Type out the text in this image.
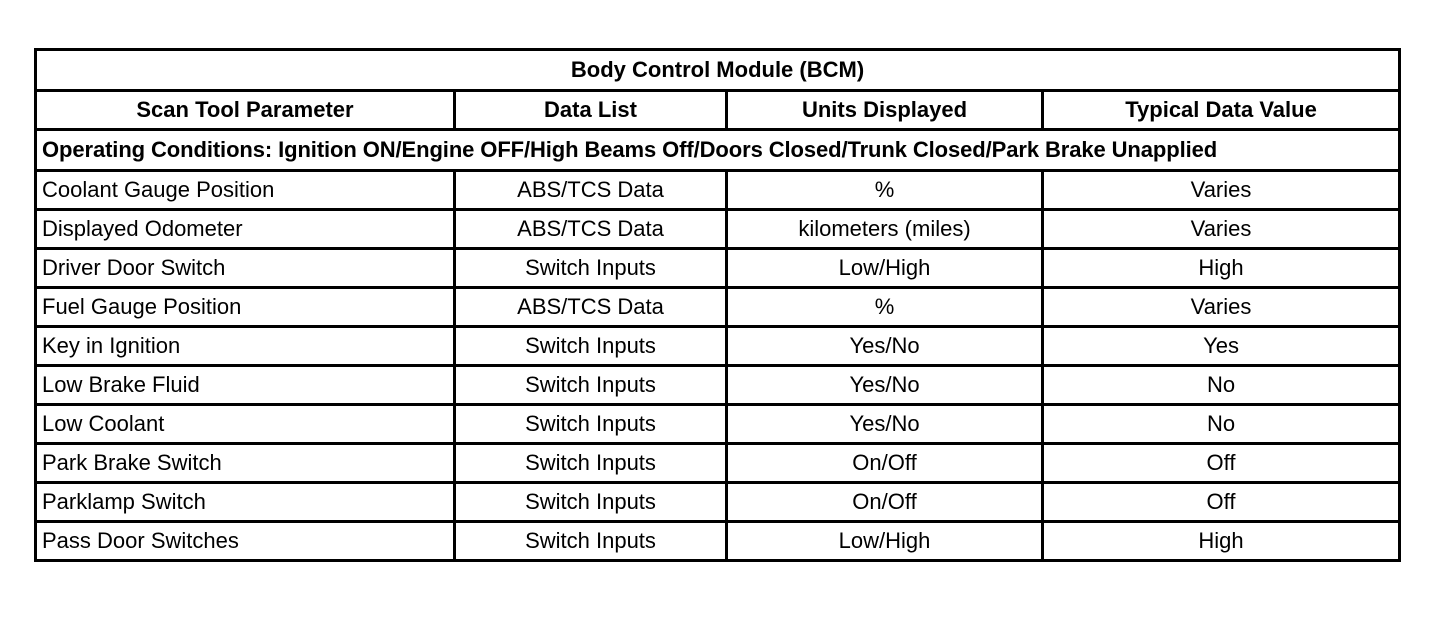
Body Control Module (BCM)			
Scan Tool Parameter	Data List	Units Displayed	Typical Data Value
Operating Conditions: Ignition ON/Engine OFF/High Beams Off/Doors Closed/Trunk Closed/Park Brake Unapplied			
Coolant Gauge Position	ABS/TCS Data	%	Varies
Displayed Odometer	ABS/TCS Data	kilometers (miles)	Varies
Driver Door Switch	Switch Inputs	Low/High	High
Fuel Gauge Position	ABS/TCS Data	%	Varies
Key in Ignition	Switch Inputs	Yes/No	Yes
Low Brake Fluid	Switch Inputs	Yes/No	No
Low Coolant	Switch Inputs	Yes/No	No
Park Brake Switch	Switch Inputs	On/Off	Off
Parklamp Switch	Switch Inputs	On/Off	Off
Pass Door Switches	Switch Inputs	Low/High	High
